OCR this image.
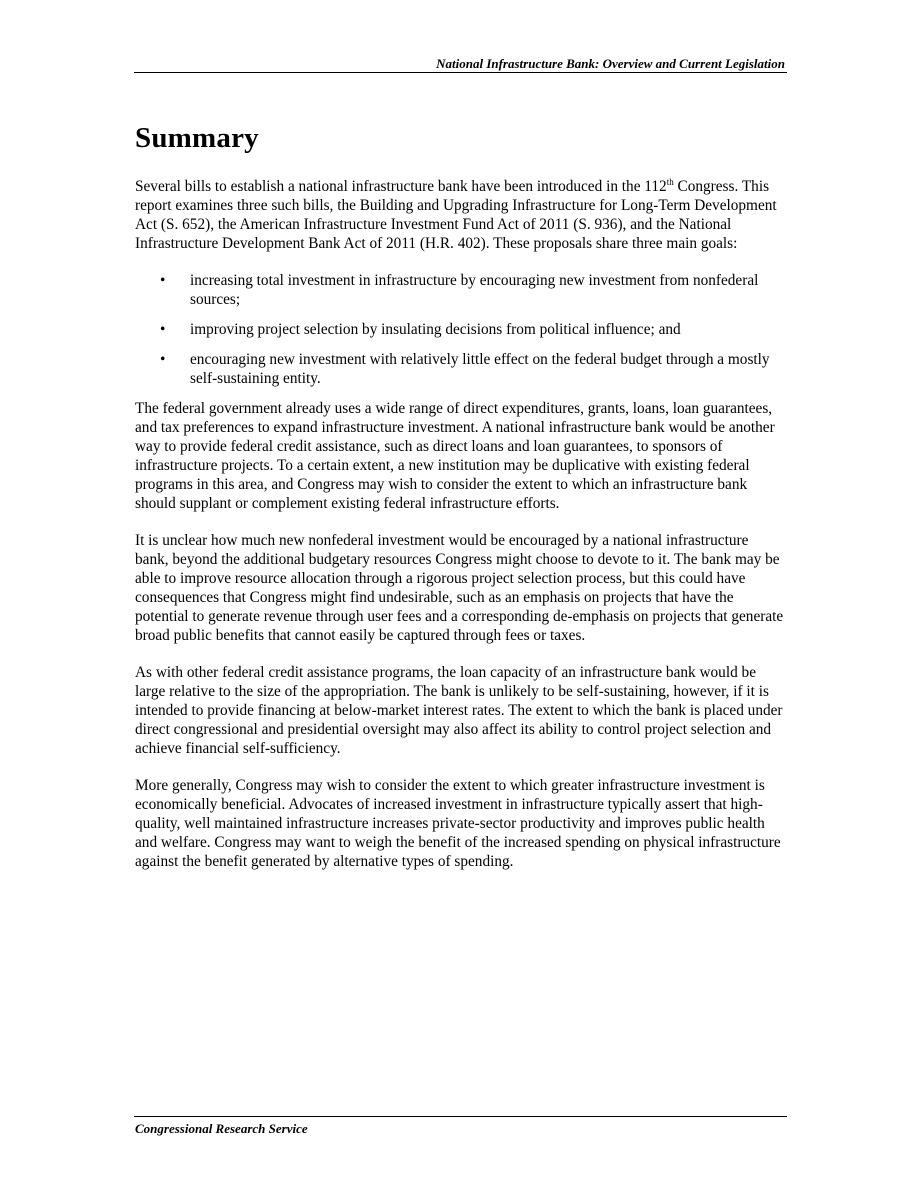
National Infrastructure Bank: Overview and Current Legislation
Summary

Several bills to establish a national infrastructure bank have been introduced in the 112th Congress. This report examines three such bills, the Building and Upgrading Infrastructure for Long-Term Development Act (S. 652), the American Infrastructure Investment Fund Act of 2011 (S. 936), and the National Infrastructure Development Bank Act of 2011 (H.R. 402). These proposals share three main goals:

• increasing total investment in infrastructure by encouraging new investment from nonfederal sources;
• improving project selection by insulating decisions from political influence; and
• encouraging new investment with relatively little effect on the federal budget through a mostly self-sustaining entity.

The federal government already uses a wide range of direct expenditures, grants, loans, loan guarantees, and tax preferences to expand infrastructure investment. A national infrastructure bank would be another way to provide federal credit assistance, such as direct loans and loan guarantees, to sponsors of infrastructure projects. To a certain extent, a new institution may be duplicative with existing federal programs in this area, and Congress may wish to consider the extent to which an infrastructure bank should supplant or complement existing federal infrastructure efforts.

It is unclear how much new nonfederal investment would be encouraged by a national infrastructure bank, beyond the additional budgetary resources Congress might choose to devote to it. The bank may be able to improve resource allocation through a rigorous project selection process, but this could have consequences that Congress might find undesirable, such as an emphasis on projects that have the potential to generate revenue through user fees and a corresponding de-emphasis on projects that generate broad public benefits that cannot easily be captured through fees or taxes.

As with other federal credit assistance programs, the loan capacity of an infrastructure bank would be large relative to the size of the appropriation. The bank is unlikely to be self-sustaining, however, if it is intended to provide financing at below-market interest rates. The extent to which the bank is placed under direct congressional and presidential oversight may also affect its ability to control project selection and achieve financial self-sufficiency.

More generally, Congress may wish to consider the extent to which greater infrastructure investment is economically beneficial. Advocates of increased investment in infrastructure typically assert that high-quality, well maintained infrastructure increases private-sector productivity and improves public health and welfare. Congress may want to weigh the benefit of the increased spending on physical infrastructure against the benefit generated by alternative types of spending.

Congressional Research Service
